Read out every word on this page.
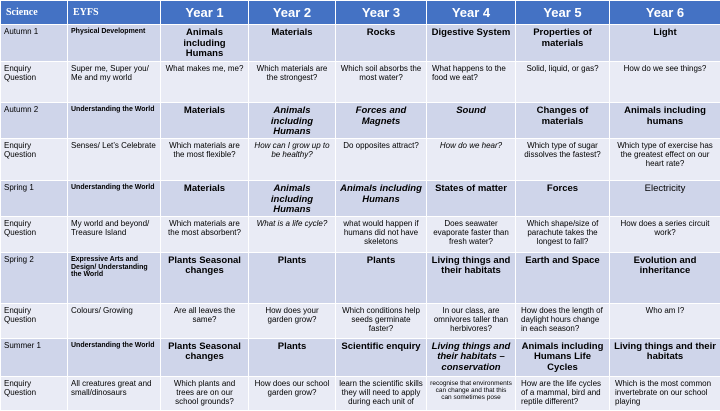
Science	EYFS	Year 1	Year 2	Year 3	Year 4	Year 5	Year 6
Autumn 1	Physical Development	Animals including Humans	Materials	Rocks	Digestive System	Properties of materials	Light
Enquiry Question	Super me, Super you/ Me and my world	What makes me, me?	Which materials are the strongest?	Which soil absorbs the most water?	What happens to the food we eat?	Solid, liquid, or gas?	How do we see things?
Autumn 2	Understanding the World	Materials	Animals including Humans	Forces and Magnets	Sound	Changes of materials	Animals including humans
Enquiry Question	Senses/ Let’s Celebrate	Which materials are the most flexible?	How can I grow up to be healthy?	Do opposites attract?	How do we hear?	Which type of sugar dissolves the fastest?	Which type of exercise has the greatest effect on our heart rate?
Spring 1	Understanding the World	Materials	Animals including Humans	Animals including Humans	States of matter	Forces	Electricity
Enquiry Question	My world and beyond/ Treasure Island	Which materials are the most absorbent?	What is a life cycle?	what would happen if humans did not have skeletons	Does seawater evaporate faster than fresh water?	Which shape/size of parachute takes the longest to fall?	How does a series circuit work?
Spring 2	Expressive Arts and Design/ Understanding the World	Plants Seasonal changes	Plants	Plants	Living things and their habitats	Earth and Space	Evolution and inheritance
Enquiry Question	Colours/ Growing	Are all leaves the same?	How does your garden grow?	Which conditions help seeds germinate faster?	In our class, are omnivores taller than herbivores?	How does the length of daylight hours change in each season?	Who am I?
Summer 1	Understanding the World	Plants Seasonal changes	Plants	Scientific enquiry	Living things and their habitats – conservation	Animals including Humans Life Cycles	Living things and their habitats
Enquiry Question	All creatures great and small/dinosaurs	Which plants and trees are on our school grounds?	How does our school garden grow?	learn the scientific skills they will need to apply during each unit of	recognise that environments can change and that this can sometimes pose	How are the life cycles of a mammal, bird and reptile different?	Which is the most common invertebrate on our school playing
